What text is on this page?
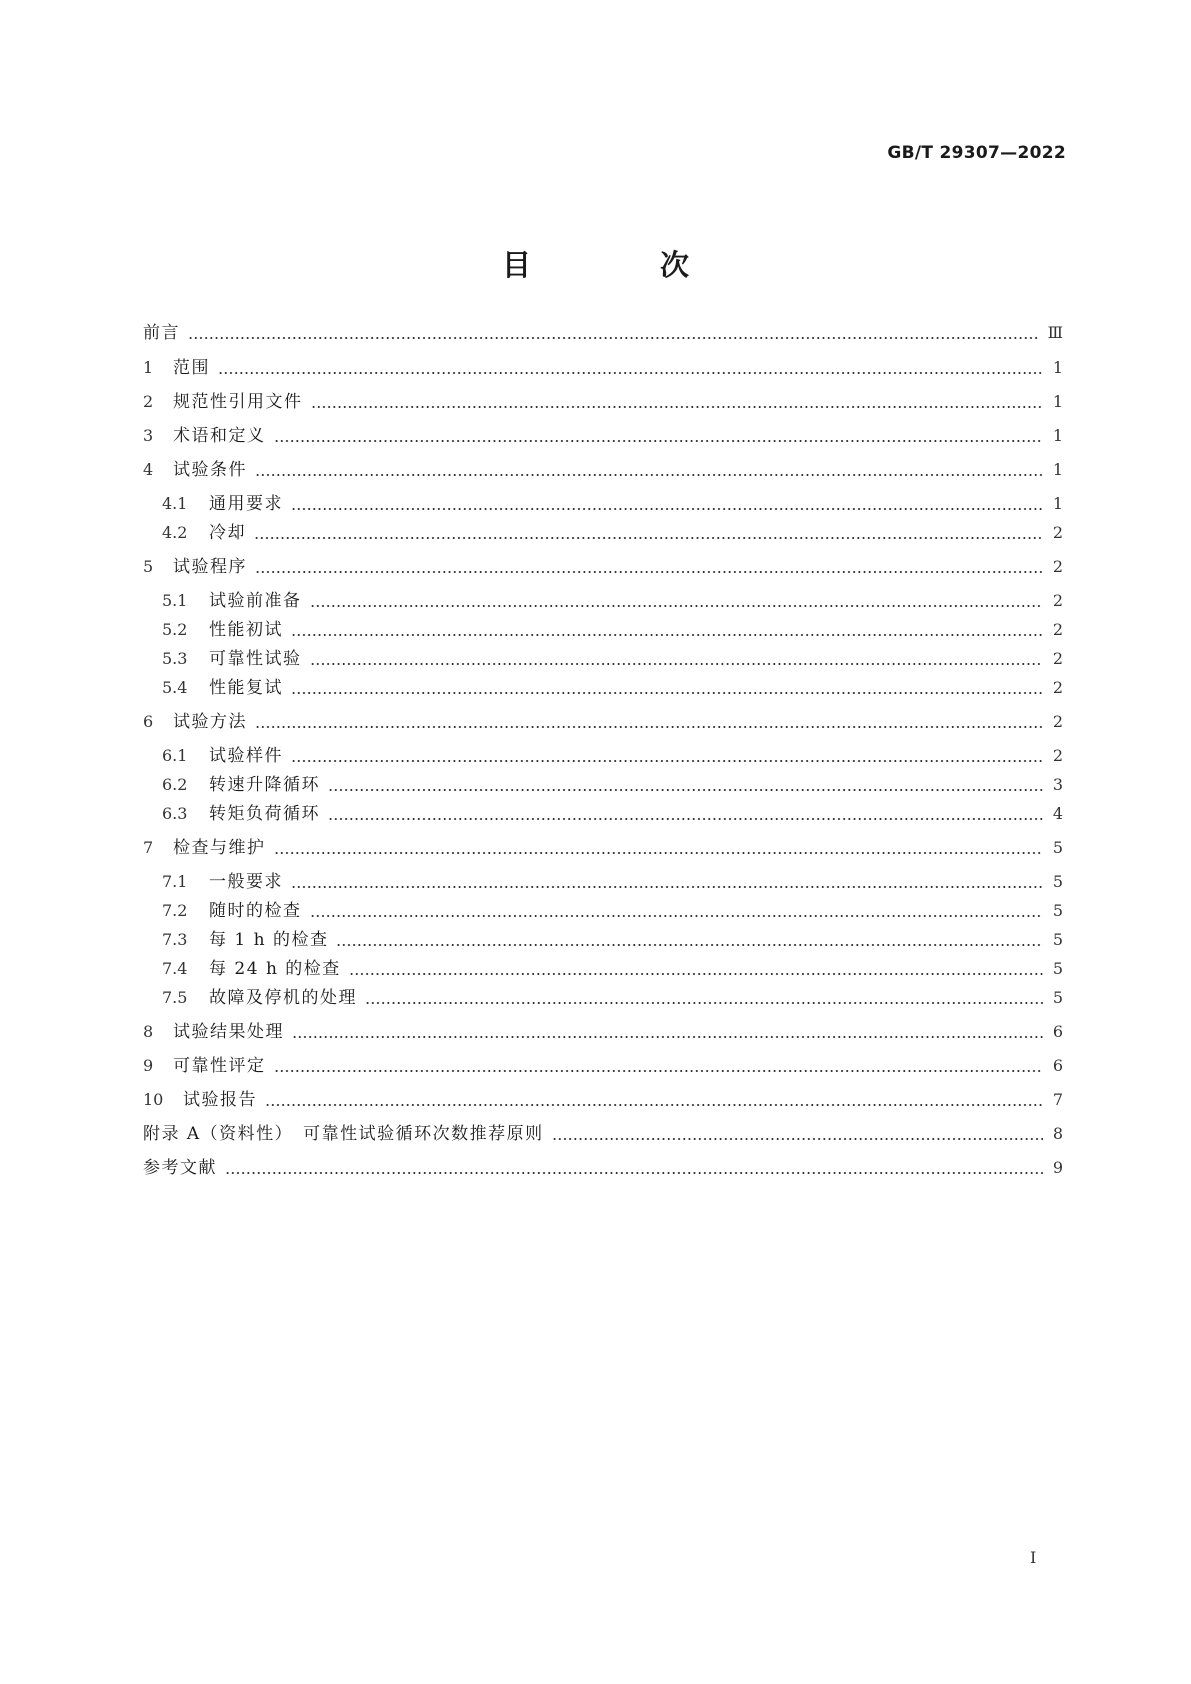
GB/T 29307—2022
目　次
前言	Ⅲ
1	范围	1
2	规范性引用文件	1
3	术语和定义	1
4	试验条件	1
4.1	通用要求	1
4.2	冷却	2
5	试验程序	2
5.1	试验前准备	2
5.2	性能初试	2
5.3	可靠性试验	2
5.4	性能复试	2
6	试验方法	2
6.1	试验样件	2
6.2	转速升降循环	3
6.3	转矩负荷循环	4
7	检查与维护	5
7.1	一般要求	5
7.2	随时的检查	5
7.3	每 1 h 的检查	5
7.4	每 24 h 的检查	5
7.5	故障及停机的处理	5
8	试验结果处理	6
9	可靠性评定	6
10	试验报告	7
附录 A（资料性）　可靠性试验循环次数推荐原则	8
参考文献	9
Ⅰ
